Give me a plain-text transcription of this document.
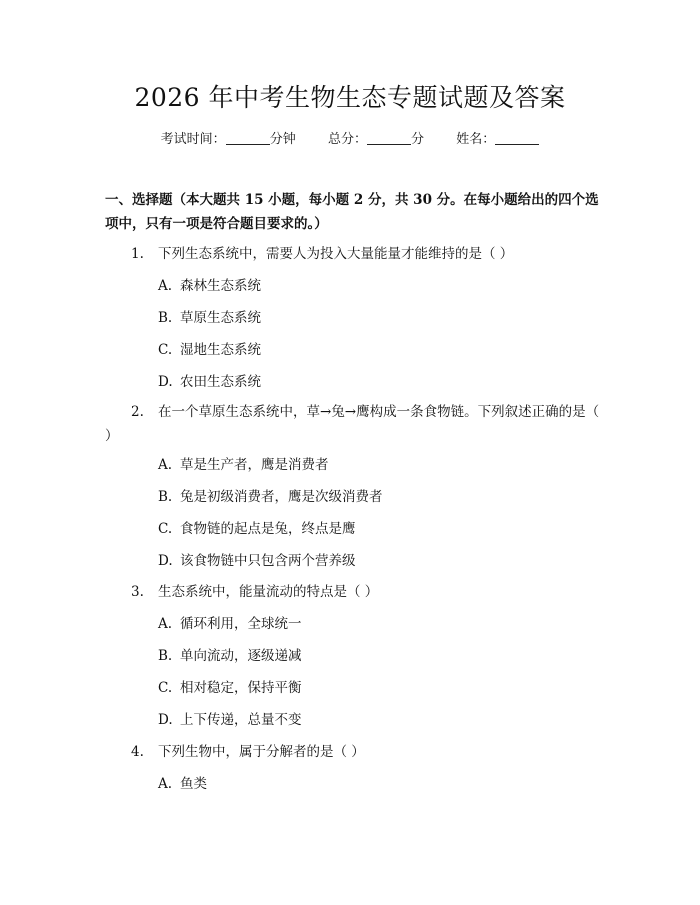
2026 年中考生物生态专题试题及答案
考试时间：	分钟 总分：	分 姓名：
一、选择题（本大题共 15 小题，每小题 2 分，共 30 分。在每小题给出的四个选项中，只有一项是符合题目要求的。）
1. 下列生态系统中，需要人为投入大量能量才能维持的是（ ）
A. 森林生态系统
B. 草原生态系统
C. 湿地生态系统
D. 农田生态系统
2. 在一个草原生态系统中，草→兔→鹰构成一条食物链。下列叙述正确的是（ ）
A. 草是生产者，鹰是消费者
B. 兔是初级消费者，鹰是次级消费者
C. 食物链的起点是兔，终点是鹰
D. 该食物链中只包含两个营养级
3. 生态系统中，能量流动的特点是（ ）
A. 循环利用，全球统一
B. 单向流动，逐级递减
C. 相对稳定，保持平衡
D. 上下传递，总量不变
4. 下列生物中，属于分解者的是（ ）
A. 鱼类
